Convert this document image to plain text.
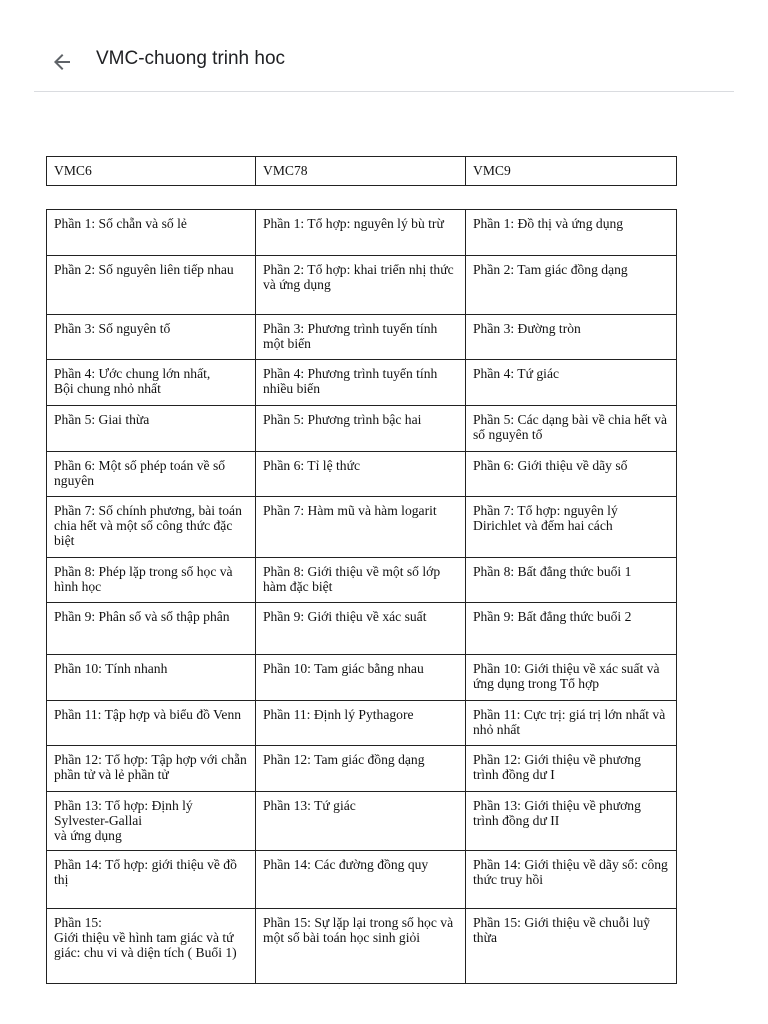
VMC-chuong trinh hoc
VMC6	VMC78	VMC9
Phần 1: Số chẵn và số lẻ	Phần 1: Tổ hợp: nguyên lý bù trừ	Phần 1: Đồ thị và ứng dụng
Phần 2: Số nguyên liên tiếp nhau	Phần 2: Tổ hợp: khai triển nhị thức và ứng dụng	Phần 2: Tam giác đồng dạng
Phần 3: Số nguyên tố	Phần 3: Phương trình tuyến tính một biến	Phần 3: Đường tròn
Phần 4: Ước chung lớn nhất,
Bội chung nhỏ nhất	Phần 4: Phương trình tuyến tính nhiều biến	Phần 4: Tứ giác
Phần 5: Giai thừa	Phần 5: Phương trình bậc hai	Phần 5: Các dạng bài về chia hết và số nguyên tố
Phần 6: Một số phép toán về số nguyên	Phần 6: Tỉ lệ thức	Phần 6: Giới thiệu về dãy số
Phần 7: Số chính phương, bài toán chia hết và một số công thức đặc biệt	Phần 7: Hàm mũ và hàm logarit	Phần 7: Tổ hợp: nguyên lý Dirichlet và đếm hai cách
Phần 8: Phép lặp trong số học và hình học	Phần 8: Giới thiệu về một số lớp hàm đặc biệt	Phần 8: Bất đẳng thức buổi 1
Phần 9: Phân số và số thập phân	Phần 9: Giới thiệu về xác suất	Phần 9: Bất đẳng thức buổi 2
Phần 10: Tính nhanh	Phần 10: Tam giác bằng nhau	Phần 10: Giới thiệu về xác suất và ứng dụng trong Tổ hợp
Phần 11: Tập hợp và biểu đồ Venn	Phần 11: Định lý Pythagore	Phần 11: Cực trị: giá trị lớn nhất và nhỏ nhất
Phần 12: Tổ hợp: Tập hợp với chẵn phần tử và lẻ phần tử	Phần 12: Tam giác đồng dạng	Phần 12: Giới thiệu về phương trình đồng dư I
Phần 13: Tổ hợp: Định lý Sylvester-Gallai
và ứng dụng	Phần 13: Tứ giác	Phần 13: Giới thiệu về phương trình đồng dư II
Phần 14: Tổ hợp: giới thiệu về đồ thị	Phần 14: Các đường đồng quy	Phần 14: Giới thiệu về dãy số: công thức truy hồi
Phần 15:
Giới thiệu về hình tam giác và tứ giác: chu vi và diện tích ( Buổi 1)	Phần 15: Sự lặp lại trong số học và một số bài toán học sinh giỏi	Phần 15: Giới thiệu về chuỗi luỹ thừa
